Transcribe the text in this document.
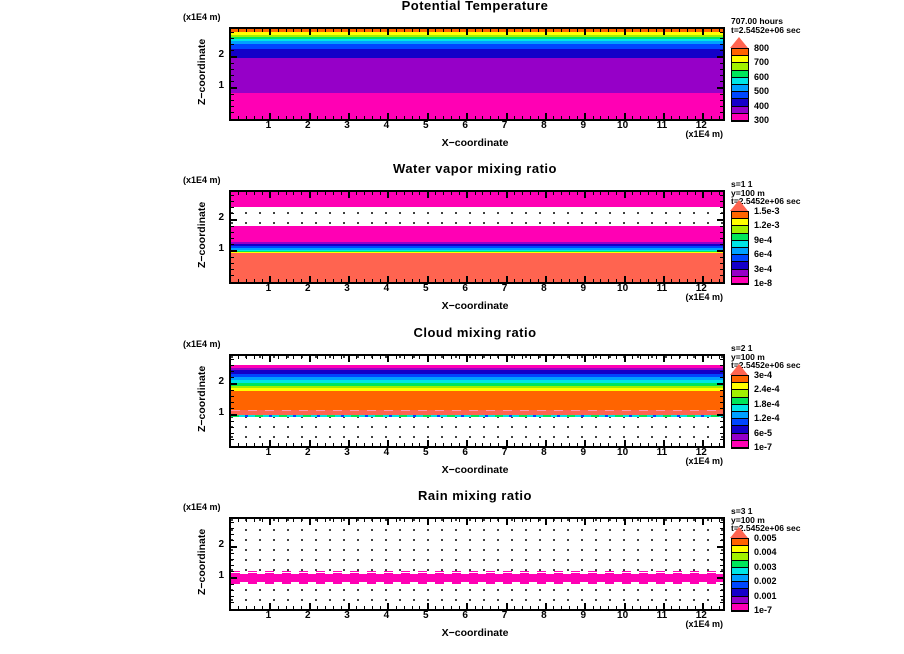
Potential Temperature
(x1E4 m)
Z−coordinate
1	2	3	4	5	6	7	8	9	10	11	12
1
2
(x1E4 m)
X−coordinate
707.00 hours
t=2.5452e+06 sec
800
700
600
500
400
300
Water vapor mixing ratio
(x1E4 m)
Z−coordinate
1	2	3	4	5	6	7	8	9	10	11	12
1
2
(x1E4 m)
X−coordinate
s=1 1
y=100 m
t=2.5452e+06 sec
1.5e-3
1.2e-3
9e-4
6e-4
3e-4
1e-8
Cloud mixing ratio
(x1E4 m)
Z−coordinate
1	2	3	4	5	6	7	8	9	10	11	12
1
2
(x1E4 m)
X−coordinate
s=2 1
y=100 m
t=2.5452e+06 sec
3e-4
2.4e-4
1.8e-4
1.2e-4
6e-5
1e-7
Rain mixing ratio
(x1E4 m)
Z−coordinate
1	2	3	4	5	6	7	8	9	10	11	12
1
2
(x1E4 m)
X−coordinate
s=3 1
y=100 m
t=2.5452e+06 sec
0.005
0.004
0.003
0.002
0.001
1e-7
